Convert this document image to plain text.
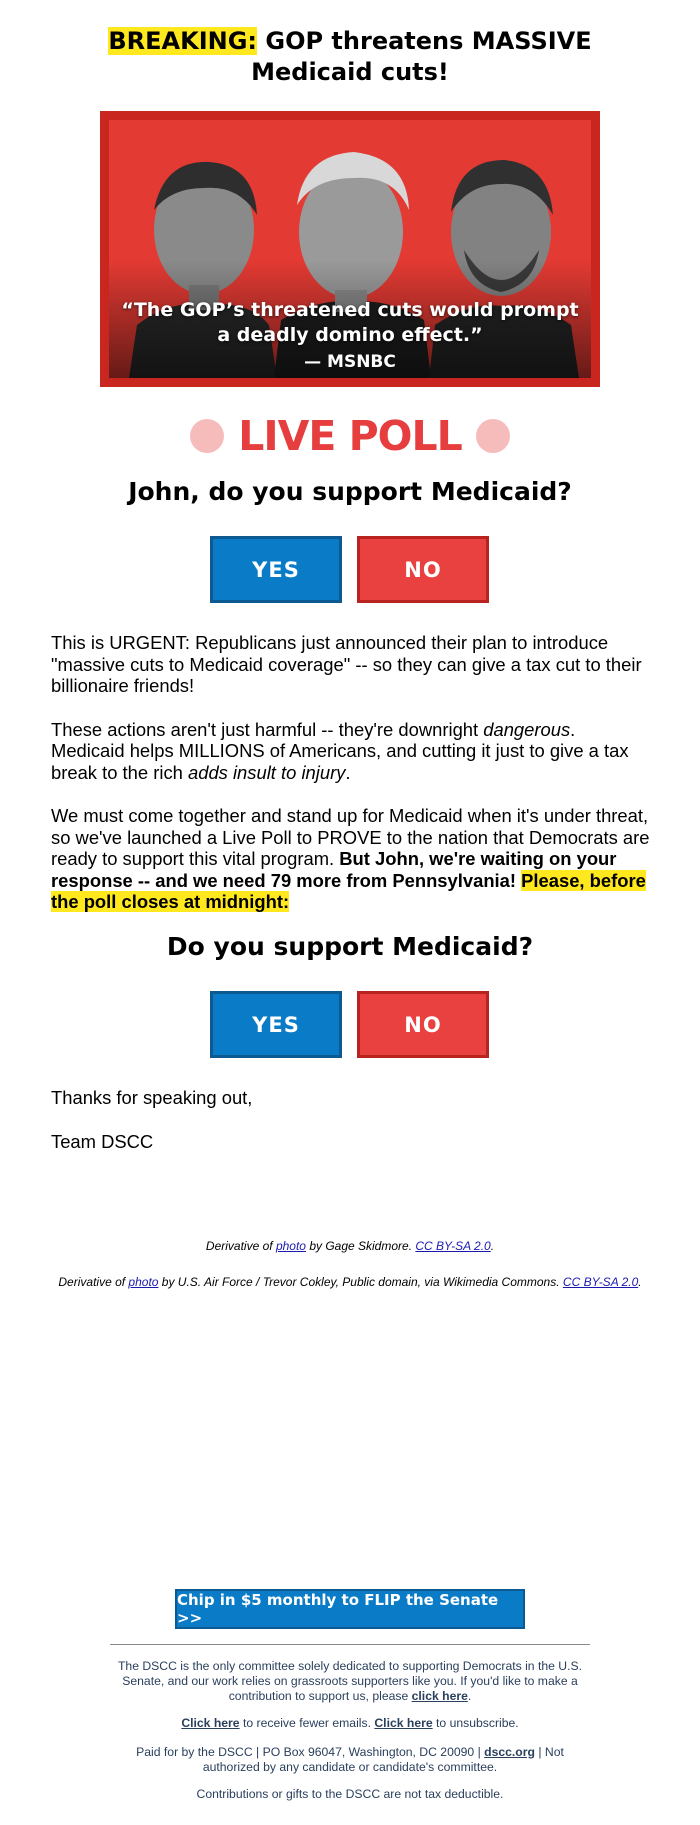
BREAKING: GOP threatens MASSIVE
Medicaid cuts!
“The GOP’s threatened cuts would prompt
a deadly domino effect.”
— MSNBC
LIVE POLL
John, do you support Medicaid?
YES	NO

This is URGENT: Republicans just announced their plan to introduce "massive cuts to Medicaid coverage" -- so they can give a tax cut to their billionaire friends!

These actions aren't just harmful -- they're downright dangerous. Medicaid helps MILLIONS of Americans, and cutting it just to give a tax break to the rich adds insult to injury.

We must come together and stand up for Medicaid when it's under threat, so we've launched a Live Poll to PROVE to the nation that Democrats are ready to support this vital program. But John, we're waiting on your response -- and we need 79 more from Pennsylvania! Please, before the poll closes at midnight:

Do you support Medicaid?
YES	NO

Thanks for speaking out,

Team DSCC

Derivative of photo by Gage Skidmore. CC BY-SA 2.0.
Derivative of photo by U.S. Air Force / Trevor Cokley, Public domain, via Wikimedia Commons. CC BY-SA 2.0.
Chip in $5 monthly to FLIP the Senate >>
The DSCC is the only committee solely dedicated to supporting Democrats in the U.S. Senate, and our work relies on grassroots supporters like you. If you'd like to make a contribution to support us, please click here.
Click here to receive fewer emails. Click here to unsubscribe.
Paid for by the DSCC | PO Box 96047, Washington, DC 20090 | dscc.org | Not authorized by any candidate or candidate's committee.
Contributions or gifts to the DSCC are not tax deductible.
